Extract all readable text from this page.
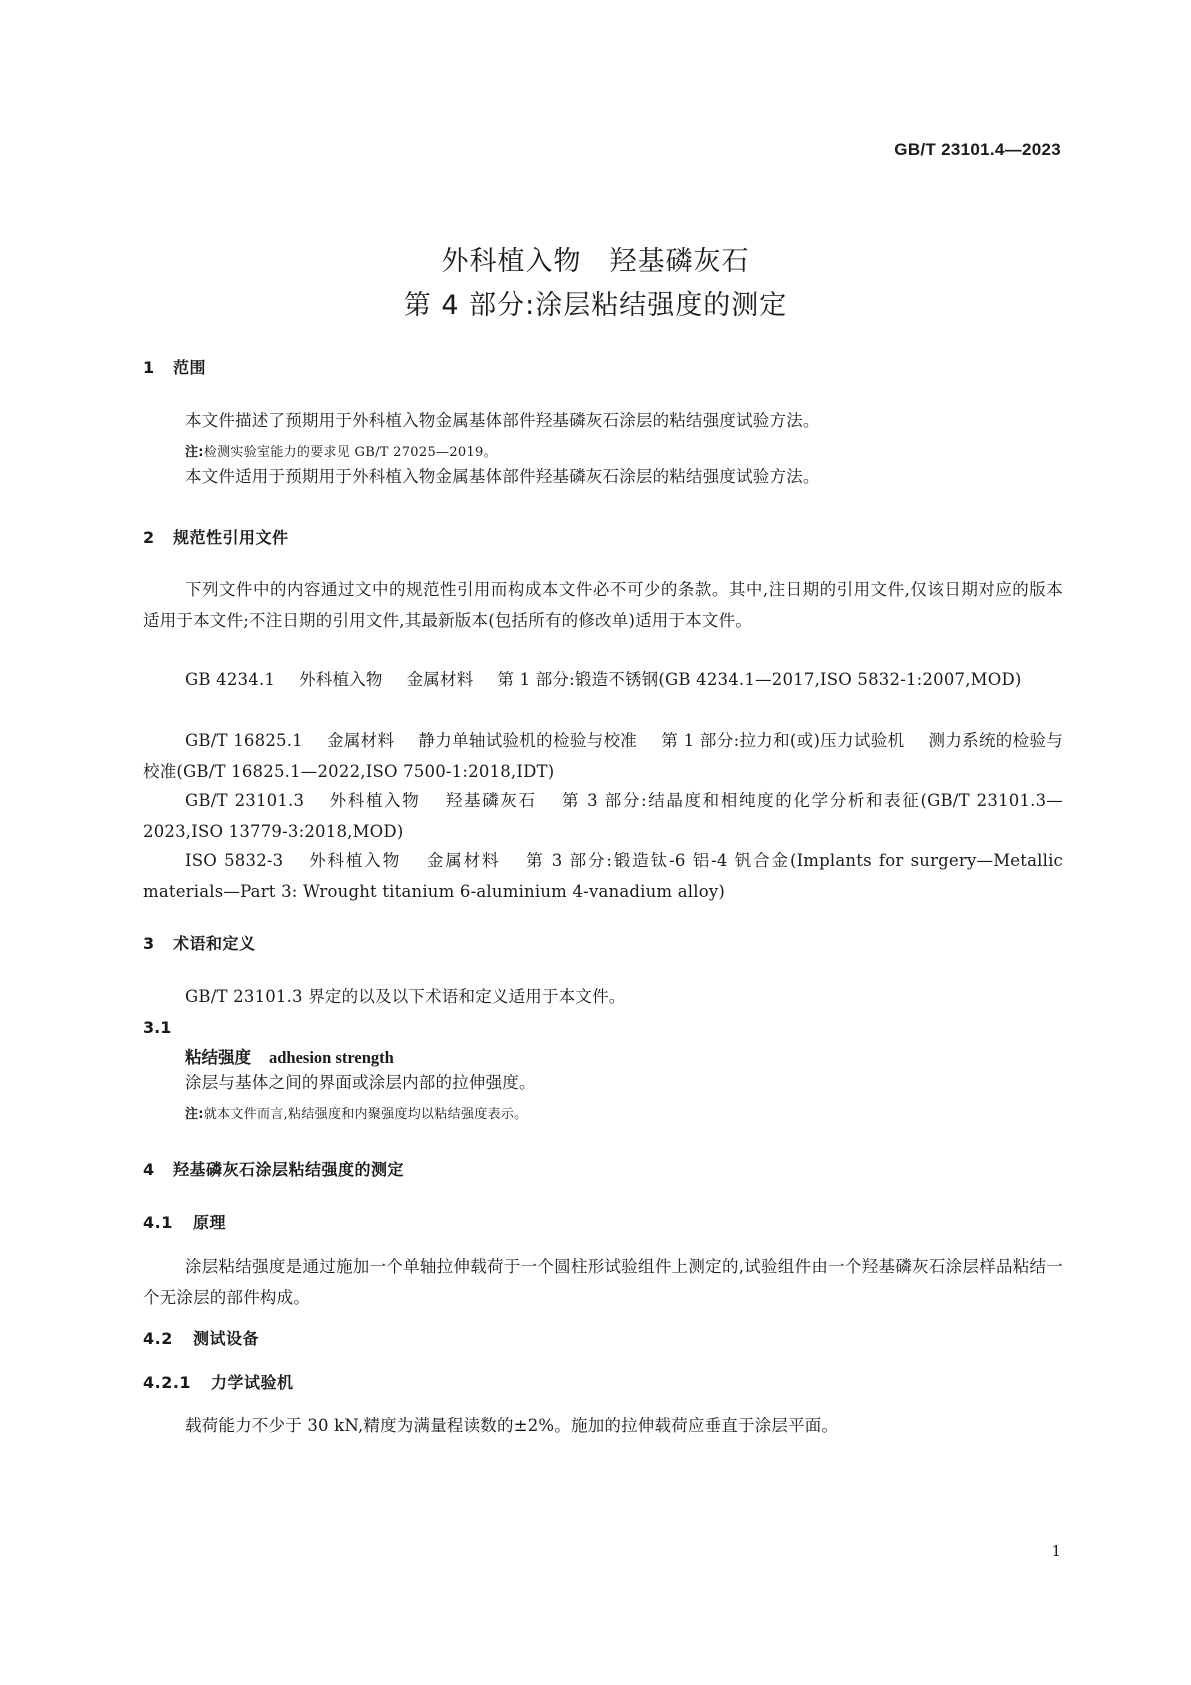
GB/T 23101.4—2023
外科植入物 羟基磷灰石
第 4 部分:涂层粘结强度的测定
1 范围
本文件描述了预期用于外科植入物金属基体部件羟基磷灰石涂层的粘结强度试验方法。
注:检测实验室能力的要求见 GB/T 27025—2019。
本文件适用于预期用于外科植入物金属基体部件羟基磷灰石涂层的粘结强度试验方法。
2 规范性引用文件
下列文件中的内容通过文中的规范性引用而构成本文件必不可少的条款。其中,注日期的引用文件,仅该日期对应的版本适用于本文件;不注日期的引用文件,其最新版本(包括所有的修改单)适用于本文件。
GB 4234.1 外科植入物 金属材料 第 1 部分:锻造不锈钢(GB 4234.1—2017,ISO 5832-1:2007,MOD)
GB/T 16825.1 金属材料 静力单轴试验机的检验与校准 第 1 部分:拉力和(或)压力试验机 测力系统的检验与校准(GB/T 16825.1—2022,ISO 7500-1:2018,IDT)
GB/T 23101.3 外科植入物 羟基磷灰石 第 3 部分:结晶度和相纯度的化学分析和表征(GB/T 23101.3—2023,ISO 13779-3:2018,MOD)
ISO 5832-3 外科植入物 金属材料 第 3 部分:锻造钛-6 铝-4 钒合金(Implants for surgery—Metallic materials—Part 3: Wrought titanium 6-aluminium 4-vanadium alloy)
3 术语和定义
GB/T 23101.3 界定的以及以下术语和定义适用于本文件。
3.1
粘结强度 adhesion strength
涂层与基体之间的界面或涂层内部的拉伸强度。
注:就本文件而言,粘结强度和内聚强度均以粘结强度表示。
4 羟基磷灰石涂层粘结强度的测定
4.1 原理
涂层粘结强度是通过施加一个单轴拉伸载荷于一个圆柱形试验组件上测定的,试验组件由一个羟基磷灰石涂层样品粘结一个无涂层的部件构成。
4.2 测试设备
4.2.1 力学试验机
载荷能力不少于 30 kN,精度为满量程读数的±2%。施加的拉伸载荷应垂直于涂层平面。
1
